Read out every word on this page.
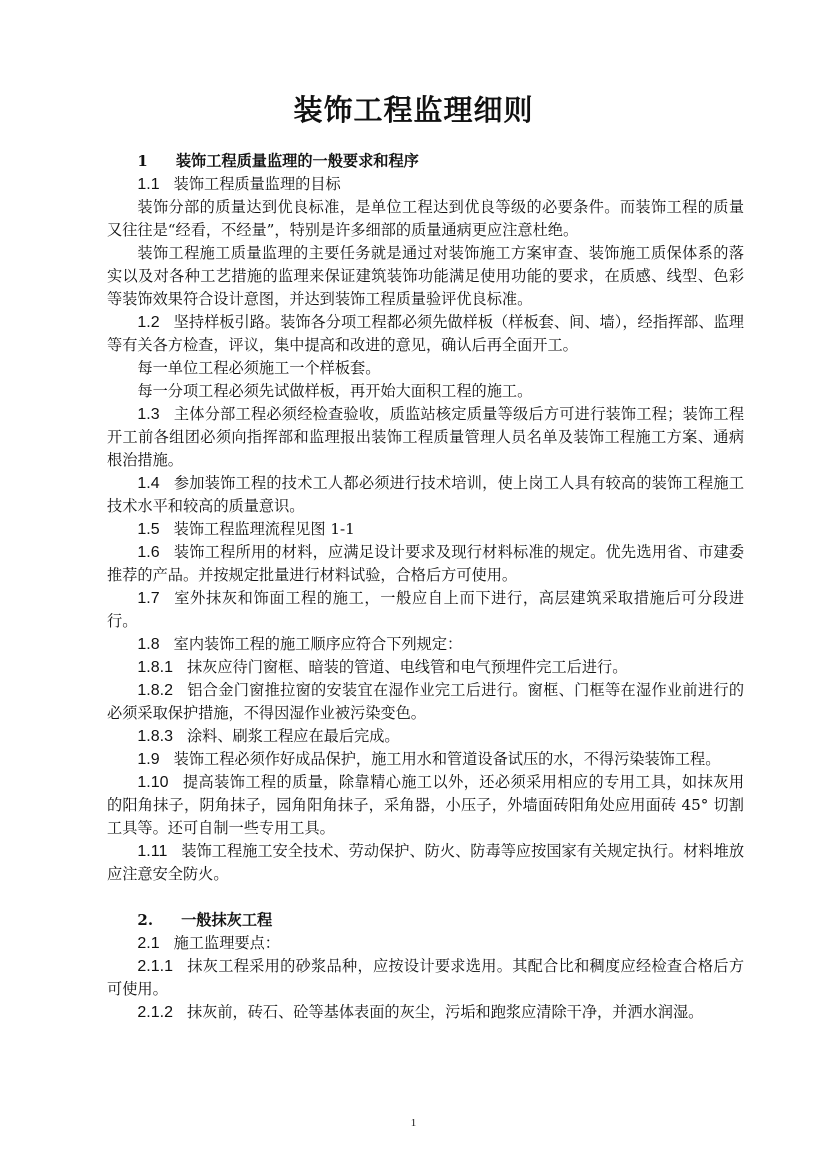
装饰工程监理细则

1 装饰工程质量监理的一般要求和程序

1.1 装饰工程质量监理的目标

装饰分部的质量达到优良标准，是单位工程达到优良等级的必要条件。而装饰工程的质量又往往是“经看，不经量”，特别是许多细部的质量通病更应注意杜绝。

装饰工程施工质量监理的主要任务就是通过对装饰施工方案审查、装饰施工质保体系的落实以及对各种工艺措施的监理来保证建筑装饰功能满足使用功能的要求，在质感、线型、色彩等装饰效果符合设计意图，并达到装饰工程质量验评优良标准。

1.2 坚持样板引路。装饰各分项工程都必须先做样板（样板套、间、墙），经指挥部、监理等有关各方检查，评议，集中提高和改进的意见，确认后再全面开工。

每一单位工程必须施工一个样板套。

每一分项工程必须先试做样板，再开始大面积工程的施工。

1.3 主体分部工程必须经检查验收，质监站核定质量等级后方可进行装饰工程；装饰工程开工前各组团必须向指挥部和监理报出装饰工程质量管理人员名单及装饰工程施工方案、通病根治措施。

1.4 参加装饰工程的技术工人都必须进行技术培训，使上岗工人具有较高的装饰工程施工技术水平和较高的质量意识。

1.5 装饰工程监理流程见图 1-1

1.6 装饰工程所用的材料，应满足设计要求及现行材料标准的规定。优先选用省、市建委推荐的产品。并按规定批量进行材料试验，合格后方可使用。

1.7 室外抹灰和饰面工程的施工，一般应自上而下进行，高层建筑采取措施后可分段进行。

1.8 室内装饰工程的施工顺序应符合下列规定：

1.8.1 抹灰应待门窗框、暗装的管道、电线管和电气预埋件完工后进行。

1.8.2 铝合金门窗推拉窗的安装宜在湿作业完工后进行。窗框、门框等在湿作业前进行的必须采取保护措施，不得因湿作业被污染变色。

1.8.3 涂料、刷浆工程应在最后完成。

1.9 装饰工程必须作好成品保护，施工用水和管道设备试压的水，不得污染装饰工程。

1.10 提高装饰工程的质量，除靠精心施工以外，还必须采用相应的专用工具，如抹灰用的阳角抹子，阴角抹子，园角阳角抹子，采角器，小压子，外墙面砖阳角处应用面砖 45° 切割工具等。还可自制一些专用工具。

1.11 装饰工程施工安全技术、劳动保护、防火、防毒等应按国家有关规定执行。材料堆放应注意安全防火。

2. 一般抹灰工程

2.1 施工监理要点：

2.1.1 抹灰工程采用的砂浆品种，应按设计要求选用。其配合比和稠度应经检查合格后方可使用。

2.1.2 抹灰前，砖石、砼等基体表面的灰尘，污垢和跑浆应清除干净，并洒水润湿。

1
